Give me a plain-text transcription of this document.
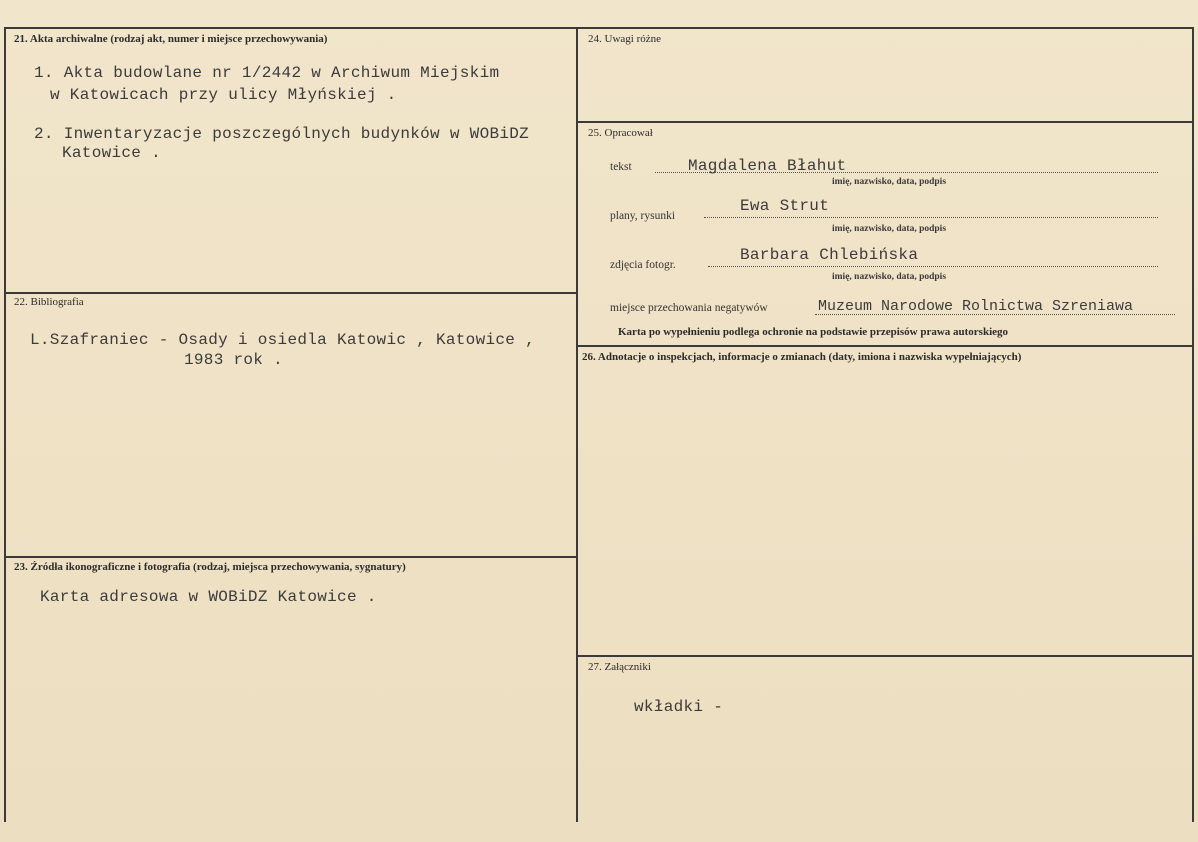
21. Akta archiwalne (rodzaj akt, numer i miejsce przechowywania)
1. Akta budowlane nr 1/2442 w Archiwum Miejskim
w Katowicach przy ulicy Młyńskiej .
2. Inwentaryzacje poszczególnych budynków w WOBiDZ
Katowice .
22. Bibliografia
L.Szafraniec - Osady i osiedla Katowic , Katowice ,
1983 rok .
23. Źródła ikonograficzne i fotografia (rodzaj, miejsca przechowywania, sygnatury)
Karta adresowa w WOBiDZ Katowice .
24. Uwagi różne
25. Opracował
tekst	Magdalena Błahut
imię, nazwisko, data, podpis
plany, rysunki
Ewa Strut
imię, nazwisko, data, podpis
zdjęcia fotogr.
Barbara Chlebińska
imię, nazwisko, data, podpis
miejsce przechowania negatywów	Muzeum Narodowe Rolnictwa Szreniawa
Karta po wypełnieniu podlega ochronie na podstawie przepisów prawa autorskiego
26. Adnotacje o inspekcjach, informacje o zmianach (daty, imiona i nazwiska wypełniających)
27. Załączniki
wkładki -
